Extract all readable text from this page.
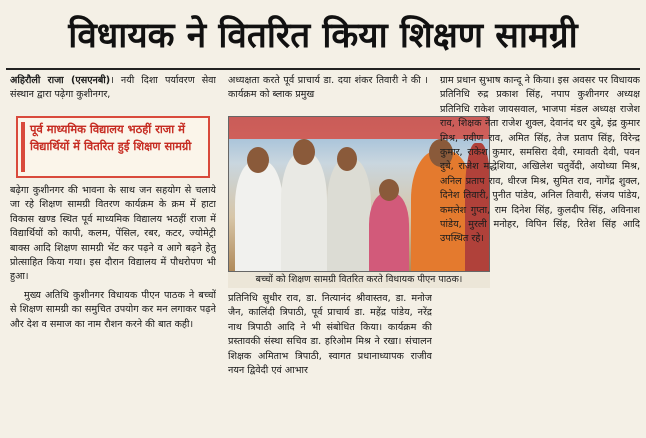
विधायक ने वितरित किया शिक्षण सामग्री

अहिरौली राजा (एसएनबी)। नयी दिशा पर्यावरण सेवा संस्थान द्वारा पढ़ेगा कुशीनगर,

पूर्व माध्यमिक विद्यालय भठहीं राजा में विद्यार्थियों में वितरित हुई शिक्षण सामग्री

बढ़ेगा कुशीनगर की भावना के साथ जन सहयोग से चलाये जा रहे शिक्षण सामग्री वितरण कार्यक्रम के क्रम में हाटा विकास खण्ड स्थित पूर्व माध्यमिक विद्यालय भठहीं राजा में विद्यार्थियों को कापी, कलम, पेंसिल, रबर, कटर, ज्योमेट्री बाक्स आदि शिक्षण सामग्री भेंट कर पढ़ने व आगे बढ़ने हेतु प्रोत्साहित किया गया। इस दौरान विद्यालय में पौधरोपण भी हुआ।

मुख्य अतिथि कुशीनगर विधायक पीएन पाठक ने बच्चों से शिक्षण सामग्री का समुचित उपयोग कर मन लगाकर पढ़ने और देश व समाज का नाम रौशन करने की बात कही।

अध्यक्षता करते पूर्व प्राचार्य डा. दया शंकर तिवारी ने की । कार्यक्रम को ब्लाक प्रमुख

बच्चों को शिक्षण सामग्री वितरित करते विधायक पीएन पाठक।

प्रतिनिधि सुधीर राव, डा. नित्यानंद श्रीवास्तव, डा. मनोज जैन, कालिंदी त्रिपाठी, पूर्व प्राचार्य डा. महेंद्र पांडेय, नरेंद्र नाथ त्रिपाठी आदि ने भी संबोधित किया। कार्यक्रम की प्रस्तावकी संस्था सचिव डा. हरिओम मिश्र ने रखा। संचालन शिक्षक अमिताभ त्रिपाठी, स्वागत प्रधानाध्यापक राजीव नयन द्विवेदी एवं आभार

ग्राम प्रधान सुभाष कान्दू ने किया। इस अवसर पर विधायक प्रतिनिधि रुद्र प्रकाश सिंह, नपाप कुशीनगर अध्यक्ष प्रतिनिधि राकेश जायसवाल, भाजपा मंडल अध्यक्ष राजेश राव, शिक्षक नेता राजेश शुक्ल, देवानंद धर दुबे, इंद्र कुमार मिश्र, प्रवीण राव, अमित सिंह, तेज प्रताप सिंह, विरेन्द्र कुमार, राकेश कुमार, समसिरा देवी, रमावती देवी, पवन दुबे, राजेश मद्धेशिया, अखिलेश चतुर्वेदी, अयोध्या मिश्र, अनिल प्रताप राव, धीरज मिश्र, सुमित राव, नागेंद्र शुक्ल, दिनेश तिवारी, पुनीत पांडेय, अनिल तिवारी, संजय पांडेय, कमलेश गुप्ता, राम दिनेश सिंह, कुलदीप सिंह, अविनाश पांडेय, मुरली मनोहर, विपिन सिंह, रितेश सिंह आदि उपस्थित रहे।
